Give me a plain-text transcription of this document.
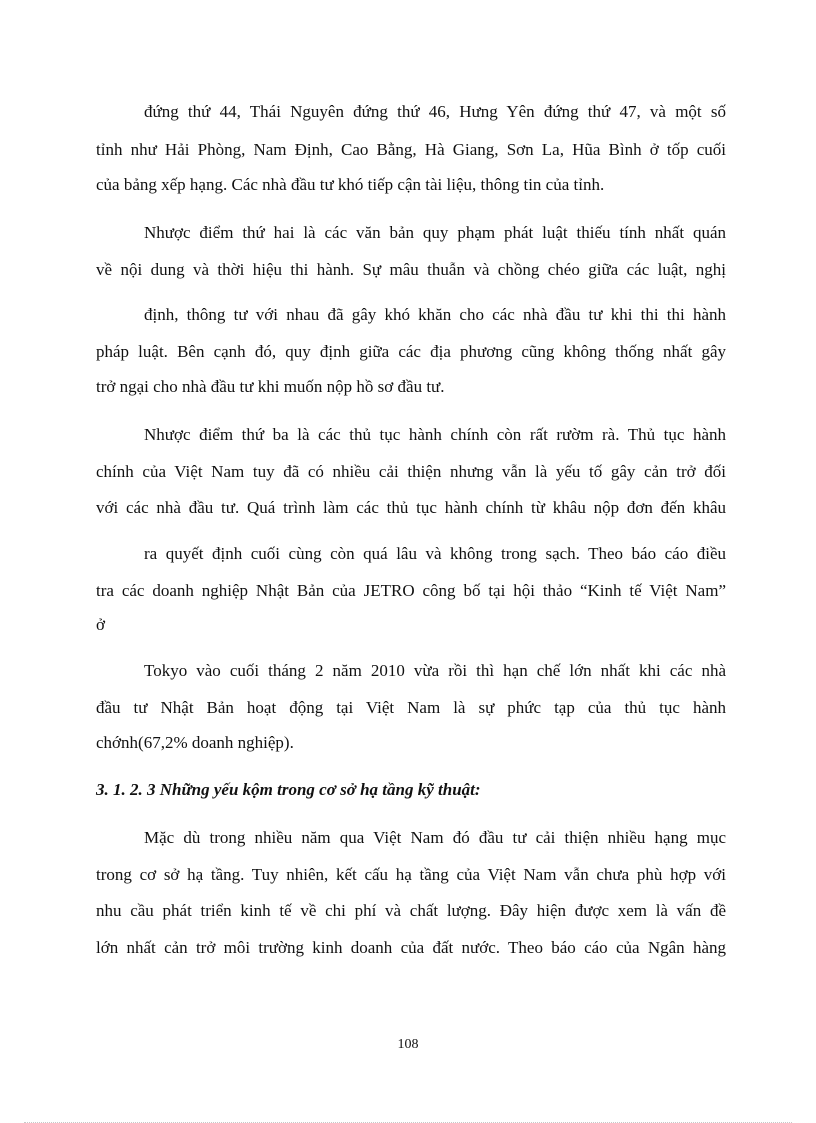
đứng thứ 44, Thái Nguyên đứng thứ 46, Hưng Yên đứng thứ 47, và một số
tỉnh như Hải Phòng, Nam Định, Cao Bằng, Hà Giang, Sơn La, Hũa Bình ở tốp cuối
của bảng xếp hạng. Các nhà đầu tư khó tiếp cận tài liệu, thông tin của tỉnh.
Nhược điểm thứ hai là các văn bản quy phạm phát luật thiếu tính nhất quán
về nội dung và thời hiệu thi hành. Sự mâu thuẫn và chồng chéo giữa các luật, nghị
định, thông tư với nhau đã gây khó khăn cho các nhà đầu tư khi thi thi hành
pháp luật. Bên cạnh đó, quy định giữa các địa phương cũng không thống nhất gây
trở ngại cho nhà đầu tư khi muốn nộp hồ sơ đầu tư.
Nhược điểm thứ ba là các thủ tục hành chính còn rất rườm rà. Thủ tục hành
chính của Việt Nam tuy đã có nhiều cải thiện nhưng vẫn là yếu tố gây cản trở đối
với các nhà đầu tư. Quá trình làm các thủ tục hành chính từ khâu nộp đơn đến khâu
ra quyết định cuối cùng còn quá lâu và không trong sạch. Theo báo cáo điều
tra các doanh nghiệp Nhật Bản của JETRO công bố tại hội thảo “Kinh tế Việt Nam”
ở
Tokyo vào cuối tháng 2 năm 2010 vừa rồi thì hạn chế lớn nhất khi các nhà
đầu tư Nhật Bản hoạt động tại Việt Nam là sự phức tạp của thủ tục hành
chớnh(67,2% doanh nghiệp).
3. 1. 2. 3 Những yếu kộm trong cơ sở hạ tầng kỹ thuật:
Mặc dù trong nhiều năm qua Việt Nam đó đầu tư cải thiện nhiều hạng mục
trong cơ sở hạ tầng. Tuy nhiên, kết cấu hạ tầng của Việt Nam vẫn chưa phù hợp với
nhu cầu phát triển kinh tế về chi phí và chất lượng. Đây hiện được xem là vấn đề
lớn nhất cản trở môi trường kinh doanh của đất nước. Theo báo cáo của Ngân hàng
108
